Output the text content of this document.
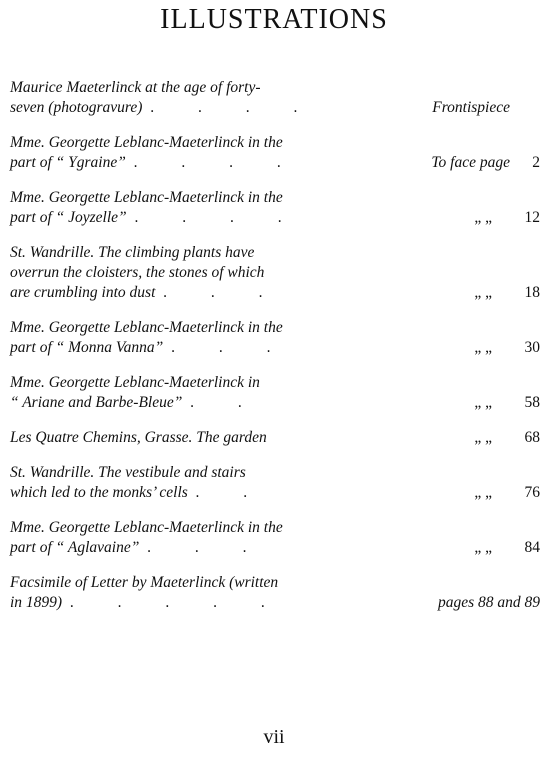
ILLUSTRATIONS
Maurice Maeterlinck at the age of forty-
seven (photogravure) . . . .	Frontispiece
Mme. Georgette Leblanc-Maeterlinck in the
part of “ Ygraine” . . . .	To face page	2
Mme. Georgette Leblanc-Maeterlinck in the
part of “ Joyzelle” . . . .	„ „	12
St. Wandrille. The climbing plants have
overrun the cloisters, the stones of which
are crumbling into dust . . .	„ „	18
Mme. Georgette Leblanc-Maeterlinck in the
part of “ Monna Vanna” . . .	„ „	30
Mme. Georgette Leblanc-Maeterlinck in
“ Ariane and Barbe-Bleue” . .	„ „	58
Les Quatre Chemins, Grasse. The garden	„ „	68
St. Wandrille. The vestibule and stairs
which led to the monks’ cells . .	„ „	76
Mme. Georgette Leblanc-Maeterlinck in the
part of “ Aglavaine” . . .	„ „	84
Facsimile of Letter by Maeterlinck (written
in 1899) . . . . .	pages 88 and 89
vii
